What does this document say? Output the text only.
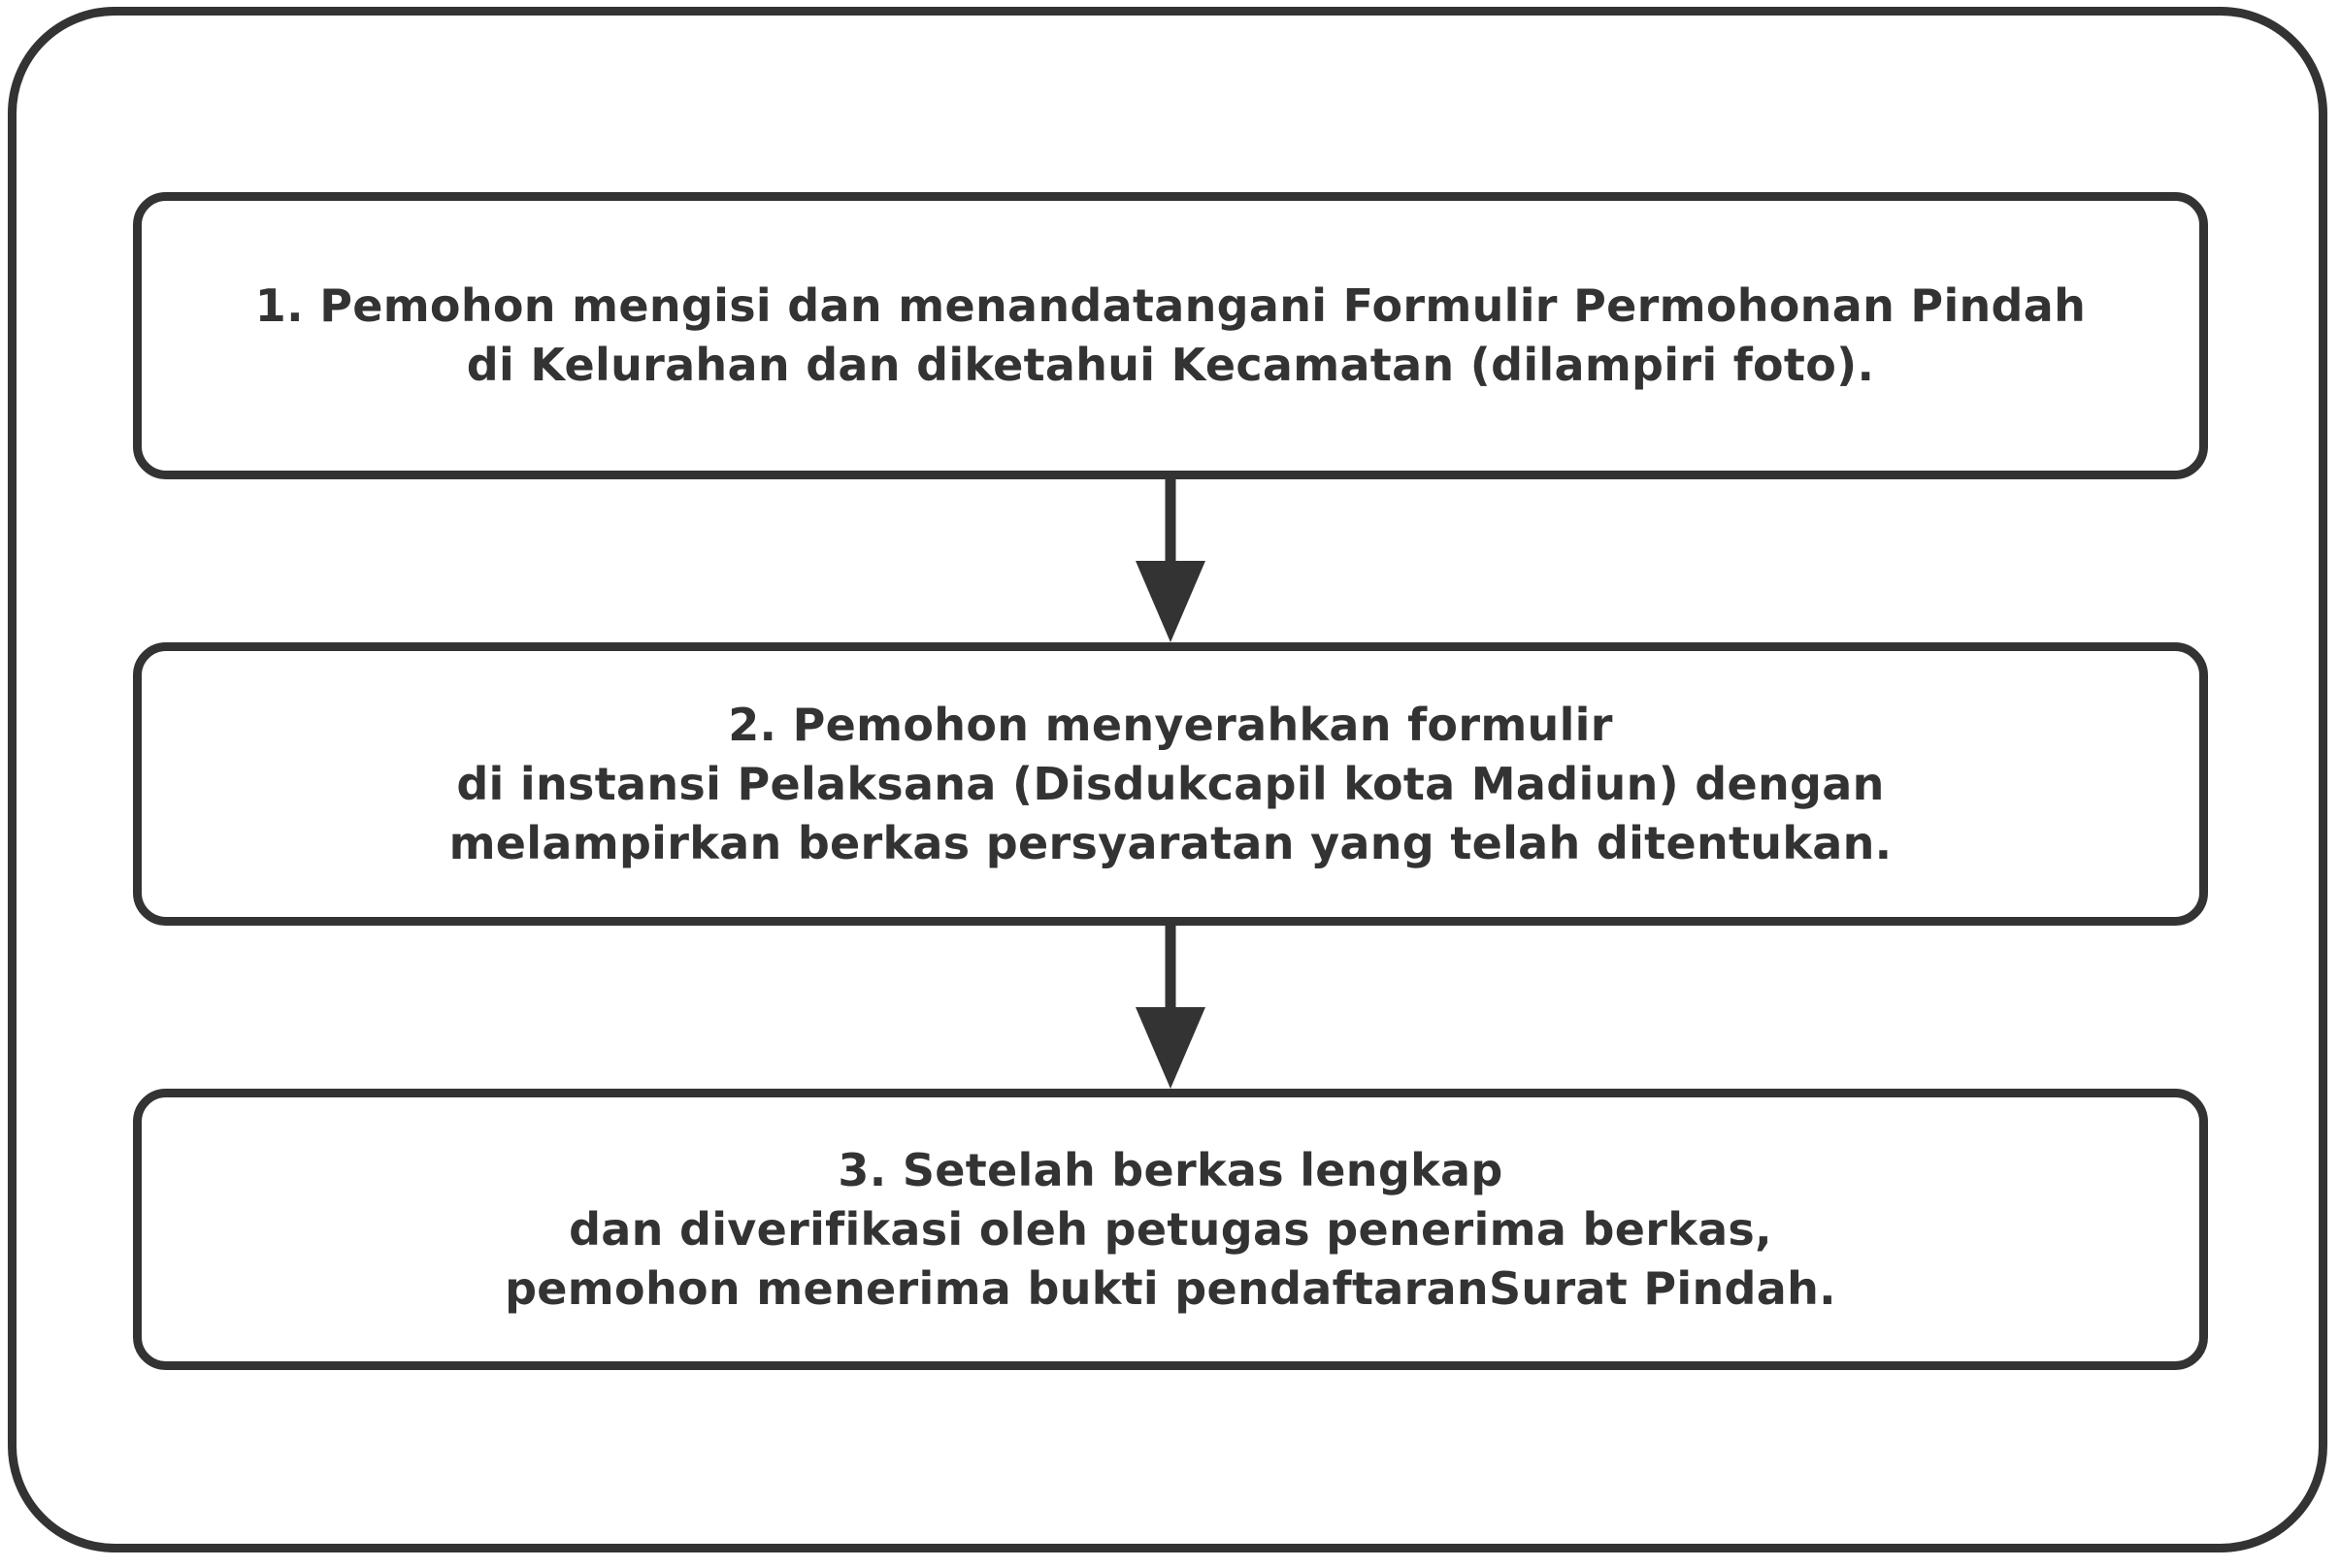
1. Pemohon mengisi dan menandatangani Formulir Permohonan Pindah
di Kelurahan dan diketahui Kecamatan (dilampiri foto).
2. Pemohon menyerahkan formulir
di instansi Pelaksana (Disdukcapil kota Madiun) dengan
melampirkan berkas persyaratan yang telah ditentukan.
3. Setelah berkas lengkap
dan diverifikasi oleh petugas penerima berkas,
pemohon menerima bukti pendaftaranSurat Pindah.
